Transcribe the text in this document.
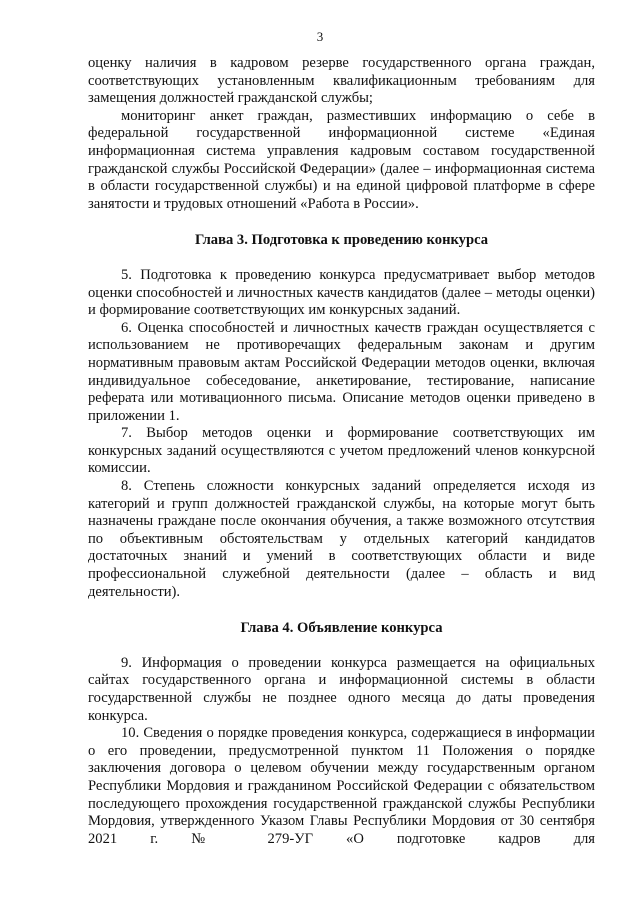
3

оценку наличия в кадровом резерве государственного органа граждан, соответствующих установленным квалификационным требованиям для замещения должностей гражданской службы;

мониторинг анкет граждан, разместивших информацию о себе в федеральной государственной информационной системе «Единая информационная система управления кадровым составом государственной гражданской службы Российской Федерации» (далее – информационная система в области государственной службы) и на единой цифровой платформе в сфере занятости и трудовых отношений «Работа в России».

Глава 3. Подготовка к проведению конкурса

5. Подготовка к проведению конкурса предусматривает выбор методов оценки способностей и личностных качеств кандидатов (далее – методы оценки) и формирование соответствующих им конкурсных заданий.

6. Оценка способностей и личностных качеств граждан осуществляется с использованием не противоречащих федеральным законам и другим нормативным правовым актам Российской Федерации методов оценки, включая индивидуальное собеседование, анкетирование, тестирование, написание реферата или мотивационного письма. Описание методов оценки приведено в приложении 1.

7. Выбор методов оценки и формирование соответствующих им конкурсных заданий осуществляются с учетом предложений членов конкурсной комиссии.

8. Степень сложности конкурсных заданий определяется исходя из категорий и групп должностей гражданской службы, на которые могут быть назначены граждане после окончания обучения, а также возможного отсутствия по объективным обстоятельствам у отдельных категорий кандидатов достаточных знаний и умений в соответствующих области и виде профессиональной служебной деятельности (далее – область и вид деятельности).

Глава 4. Объявление конкурса

9. Информация о проведении конкурса размещается на официальных сайтах государственного органа и информационной системы в области государственной службы не позднее одного месяца до даты проведения конкурса.

10. Сведения о порядке проведения конкурса, содержащиеся в информации о его проведении, предусмотренной пунктом 11 Положения о порядке заключения договора о целевом обучении между государственным органом Республики Мордовия и гражданином Российской Федерации с обязательством последующего прохождения государственной гражданской службы Республики Мордовия, утвержденного Указом Главы Республики Мордовия от 30 сентября 2021 г. № 279-УГ «О подготовке кадров для
